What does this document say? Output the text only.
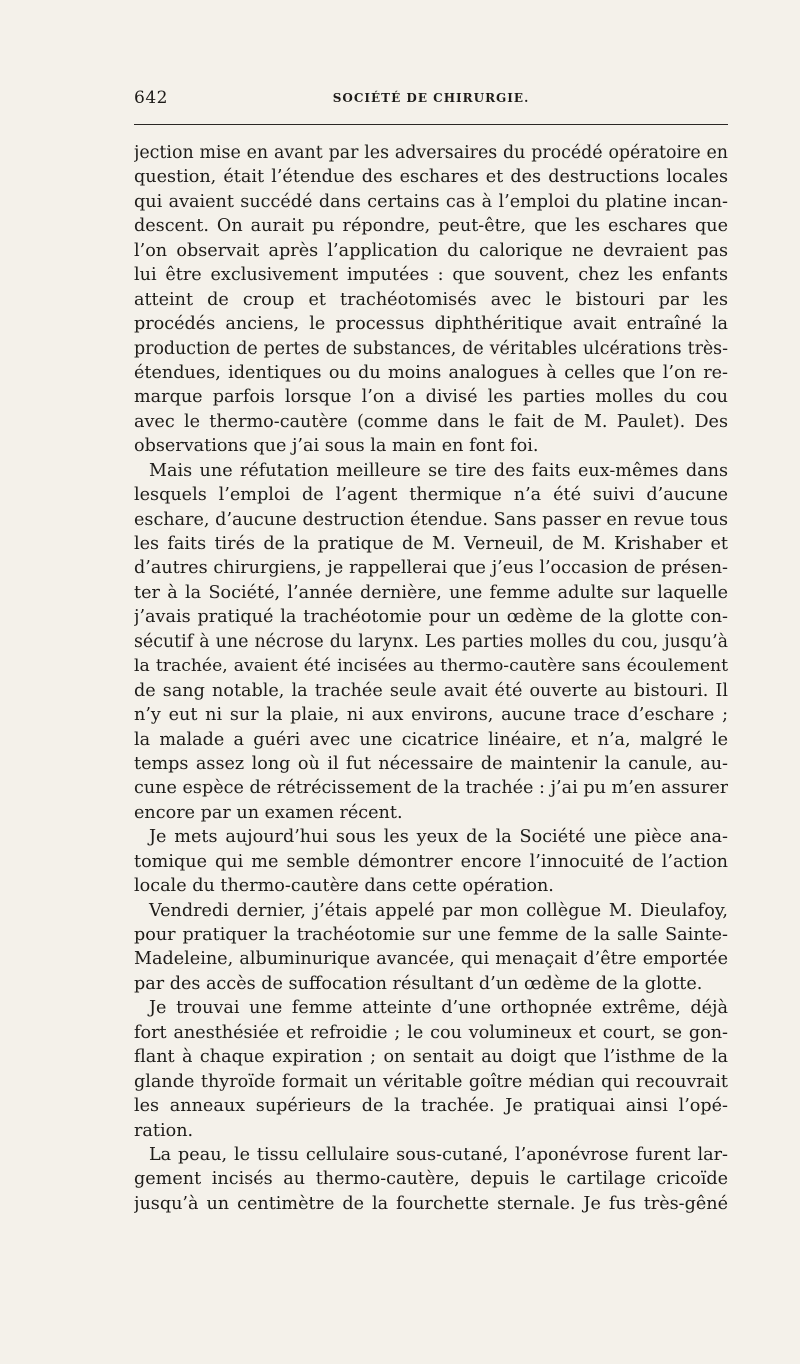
642	SOCIÉTÉ DE CHIRURGIE.
jection mise en avant par les adversaires du procédé opératoire en
question, était l’étendue des eschares et des destructions locales
qui avaient succédé dans certains cas à l’emploi du platine incan-
descent. On aurait pu répondre, peut-être, que les eschares que
l’on observait après l’application du calorique ne devraient pas
lui être exclusivement imputées : que souvent, chez les enfants
atteint de croup et trachéotomisés avec le bistouri par les
procédés anciens, le processus diphthéritique avait entraîné la
production de pertes de substances, de véritables ulcérations très-
étendues, identiques ou du moins analogues à celles que l’on re-
marque parfois lorsque l’on a divisé les parties molles du cou
avec le thermo-cautère (comme dans le fait de M. Paulet). Des
observations que j’ai sous la main en font foi.
Mais une réfutation meilleure se tire des faits eux-mêmes dans
lesquels l’emploi de l’agent thermique n’a été suivi d’aucune
eschare, d’aucune destruction étendue. Sans passer en revue tous
les faits tirés de la pratique de M. Verneuil, de M. Krishaber et
d’autres chirurgiens, je rappellerai que j’eus l’occasion de présen-
ter à la Société, l’année dernière, une femme adulte sur laquelle
j’avais pratiqué la trachéotomie pour un œdème de la glotte con-
sécutif à une nécrose du larynx. Les parties molles du cou, jusqu’à
la trachée, avaient été incisées au thermo-cautère sans écoulement
de sang notable, la trachée seule avait été ouverte au bistouri. Il
n’y eut ni sur la plaie, ni aux environs, aucune trace d’eschare ;
la malade a guéri avec une cicatrice linéaire, et n’a, malgré le
temps assez long où il fut nécessaire de maintenir la canule, au-
cune espèce de rétrécissement de la trachée : j’ai pu m’en assurer
encore par un examen récent.
Je mets aujourd’hui sous les yeux de la Société une pièce ana-
tomique qui me semble démontrer encore l’innocuité de l’action
locale du thermo-cautère dans cette opération.
Vendredi dernier, j’étais appelé par mon collègue M. Dieulafoy,
pour pratiquer la trachéotomie sur une femme de la salle Sainte-
Madeleine, albuminurique avancée, qui menaçait d’être emportée
par des accès de suffocation résultant d’un œdème de la glotte.
Je trouvai une femme atteinte d’une orthopnée extrême, déjà
fort anesthésiée et refroidie ; le cou volumineux et court, se gon-
flant à chaque expiration ; on sentait au doigt que l’isthme de la
glande thyroïde formait un véritable goître médian qui recouvrait
les anneaux supérieurs de la trachée. Je pratiquai ainsi l’opé-
ration.
La peau, le tissu cellulaire sous-cutané, l’aponévrose furent lar-
gement incisés au thermo-cautère, depuis le cartilage cricoïde
jusqu’à un centimètre de la fourchette sternale. Je fus très-gêné
